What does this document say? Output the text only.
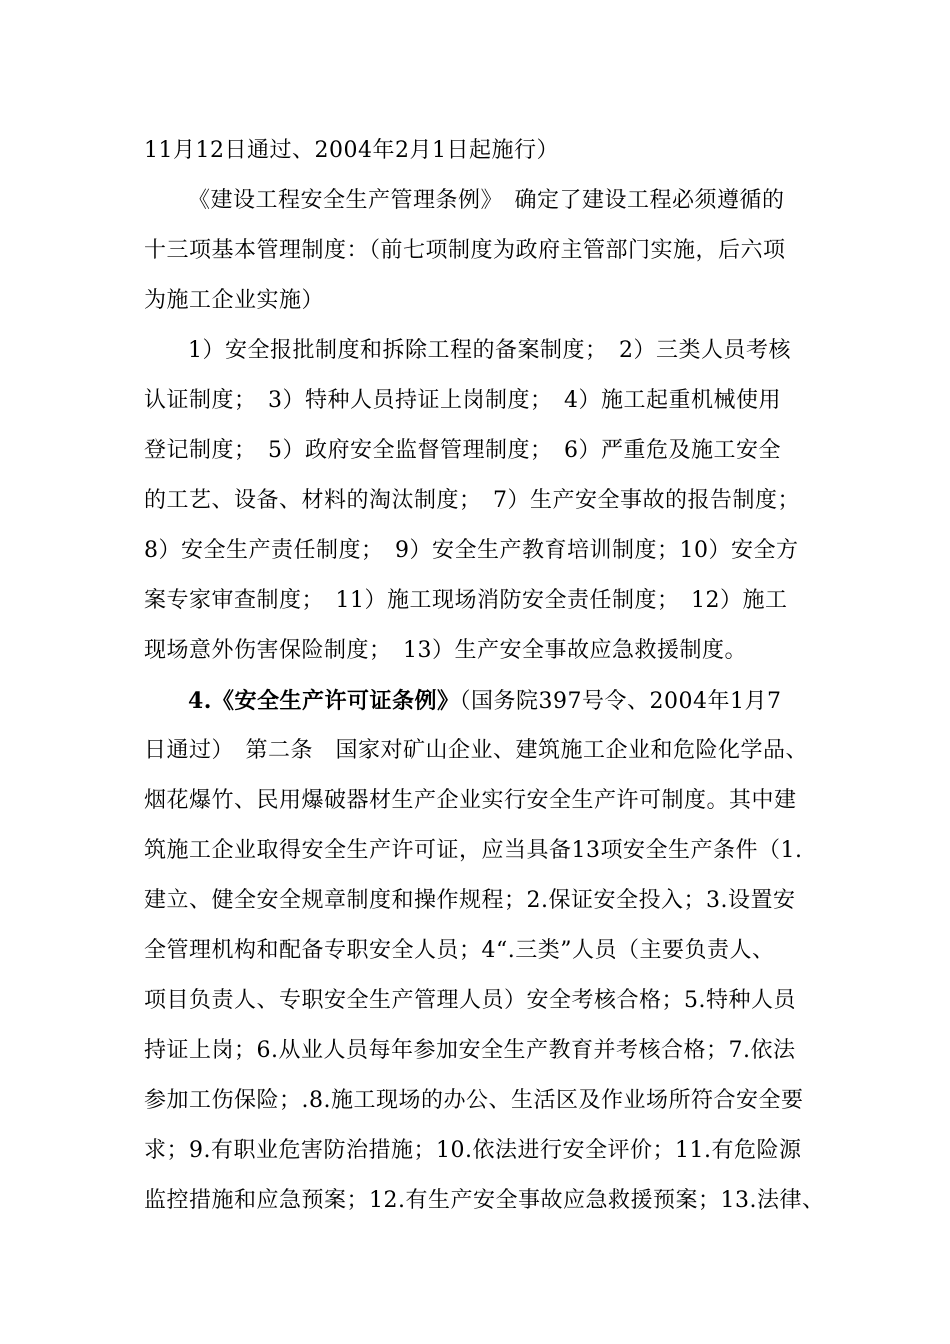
11月12日通过、2004年2月1日起施行）
《建设工程安全生产管理条例》　确定了建设工程必须遵循的
十三项基本管理制度：（前七项制度为政府主管部门实施，后六项
为施工企业实施）
1）安全报批制度和拆除工程的备案制度；　2）三类人员考核
认证制度；　3）特种人员持证上岗制度；　4）施工起重机械使用
登记制度；　5）政府安全监督管理制度；　6）严重危及施工安全
的工艺、设备、材料的淘汰制度；　7）生产安全事故的报告制度；
8）安全生产责任制度；　9）安全生产教育培训制度；10）安全方
案专家审查制度；　11）施工现场消防安全责任制度；　12）施工
现场意外伤害保险制度；　13）生产安全事故应急救援制度。
4.《安全生产许可证条例》（国务院397号令、2004年1月7
日通过）　第二条　国家对矿山企业、建筑施工企业和危险化学品、
烟花爆竹、民用爆破器材生产企业实行安全生产许可制度。其中建
筑施工企业取得安全生产许可证，应当具备13项安全生产条件（1.
建立、健全安全规章制度和操作规程；2.保证安全投入；3.设置安
全管理机构和配备专职安全人员；4“.三类”人员（主要负责人、
项目负责人、专职安全生产管理人员）安全考核合格；5.特种人员
持证上岗；6.从业人员每年参加安全生产教育并考核合格；7.依法
参加工伤保险；.8.施工现场的办公、生活区及作业场所符合安全要
求；9.有职业危害防治措施；10.依法进行安全评价；11.有危险源
监控措施和应急预案；12.有生产安全事故应急救援预案；13.法律、
